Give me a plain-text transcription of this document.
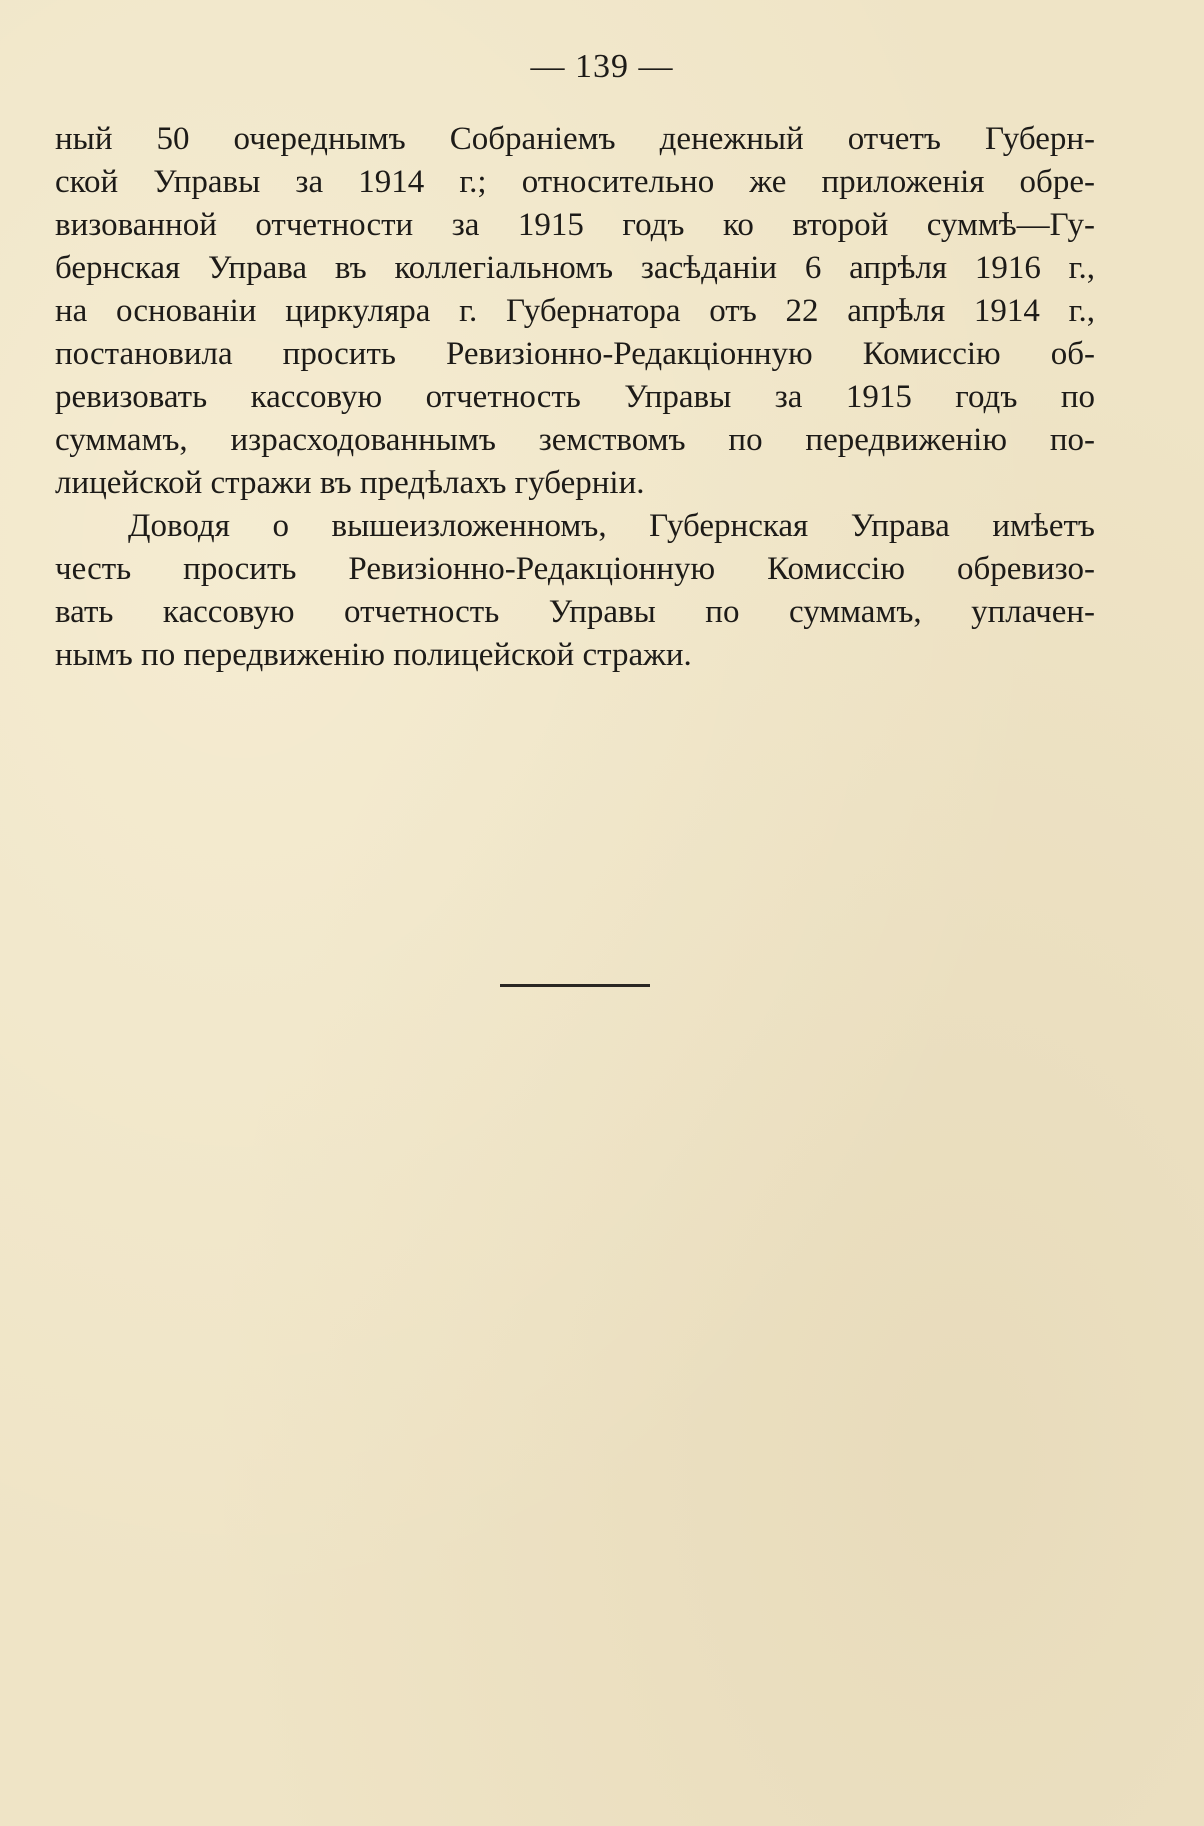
— 139 —
ный 50 очереднымъ Собраніемъ денежный отчетъ Губерн-
ской Управы за 1914 г.; относительно же приложенія обре-
визованной отчетности за 1915 годъ ко второй суммѣ—Гу-
бернская Управа въ коллегіальномъ засѣданіи 6 апрѣля 1916 г.,
на основаніи циркуляра г. Губернатора отъ 22 апрѣля 1914 г.,
постановила просить Ревизіонно-Редакціонную Комиссію об-
ревизовать кассовую отчетность Управы за 1915 годъ по
суммамъ, израсходованнымъ земствомъ по передвиженію по-
лицейской стражи въ предѣлахъ губерніи.
Доводя о вышеизложенномъ, Губернская Управа имѣетъ
честь просить Ревизіонно-Редакціонную Комиссію обревизо-
вать кассовую отчетность Управы по суммамъ, уплачен-
нымъ по передвиженію полицейской стражи.
